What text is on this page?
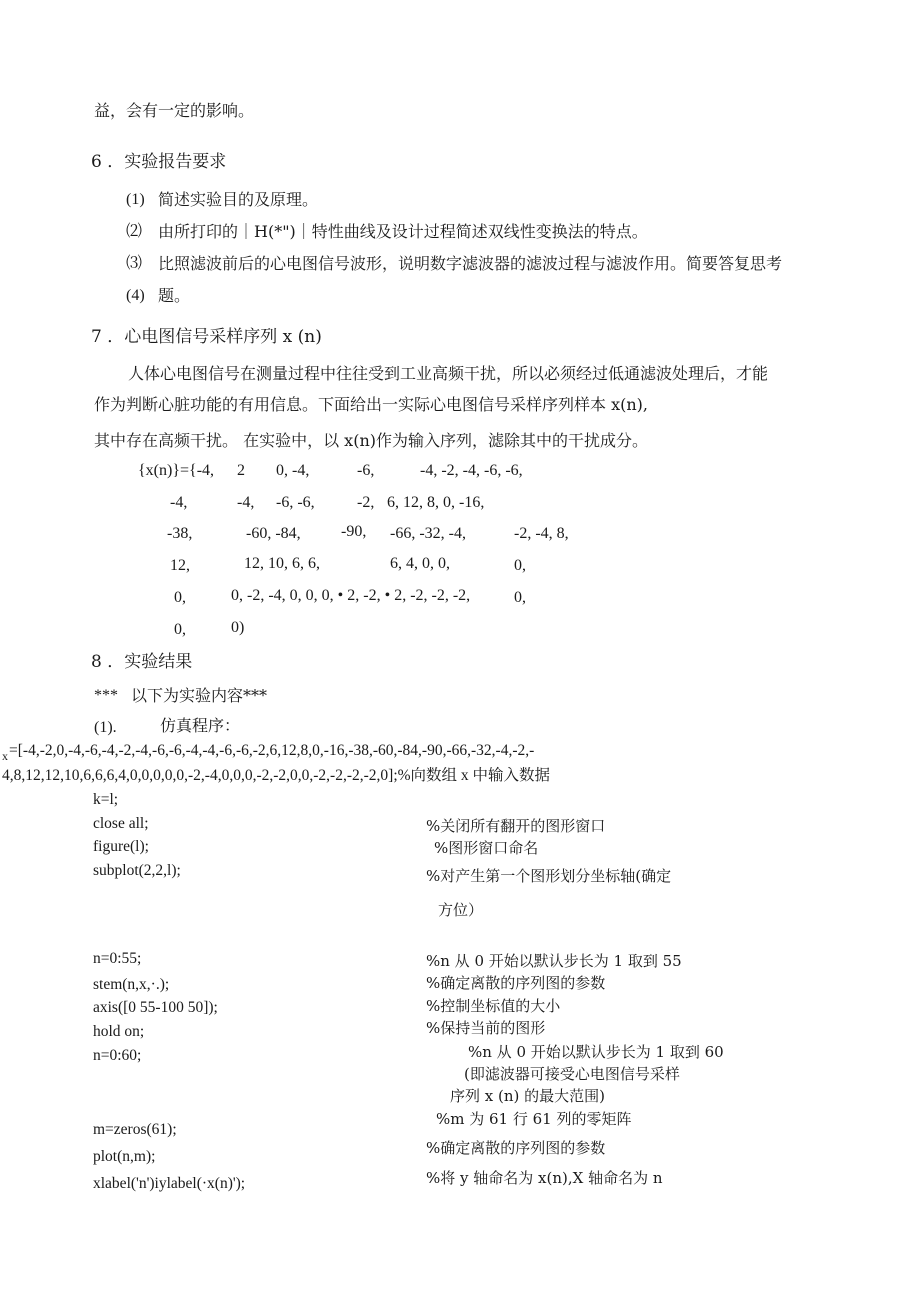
益，会有一定的影响。
6 ．实验报告要求
(1) 简述实验目的及原理。
⑵ 由所打印的｜H(*")｜特性曲线及设计过程简述双线性变换法的特点。
⑶ 比照滤波前后的心电图信号波形，说明数字滤波器的滤波过程与滤波作用。简要答复思考
(4) 题。
7 ．心电图信号采样序列 x (n)
人体心电图信号在测量过程中往往受到工业高频干扰，所以必须经过低通滤波处理后，才能
作为判断心脏功能的有用信息。下面给出一实际心电图信号采样序列样本 x(n),
其中存在高频干扰。 在实验中，以 x(n)作为输入序列，滤除其中的干扰成分。
{x(n)}={-4, 2 0, -4,	-6,	-4, -2, -4, -6, -6,
-4,	-4, -6, -6,	-2, 6, 12, 8, 0, -16,
-38,	-60, -84,	-90, -66, -32, -4,	-2, -4, 8,
12,	12, 10, 6, 6,	6, 4, 0, 0,	0,
0,	0, -2, -4, 0, 0, 0, • 2, -2, • 2, -2, -2, -2,	0,
0,	0)
8 ．实验结果
*** 以下为实验内容***
(1).	仿真程序：
x =[-4,-2,0,-4,-6,-4,-2,-4,-6,-6,-4,-4,-6,-6,-2,6,12,8,0,-16,-38,-60,-84,-90,-66,-32,-4,-2,-
4,8,12,12,10,6,6,6,4,0,0,0,0,0,-2,-4,0,0,0,-2,-2,0,0,-2,-2,-2,-2,0];%向数组 x 中输入数据
k=l;
close all;	%关闭所有翻开的图形窗口
figure(l);	%图形窗口命名
subplot(2,2,l);	%对产生第一个图形划分坐标轴(确定
方位）
n=0:55;	%n 从 0 开始以默认步长为 1 取到 55
stem(n,x,·.);	%确定离散的序列图的参数
axis([0 55-100 50]);	%控制坐标值的大小
hold on;	%保持当前的图形
n=0:60;	%n 从 0 开始以默认步长为 1 取到 60
(即滤波器可接受心电图信号采样
序列 x (n) 的最大范围)
%m 为 61 行 61 列的零矩阵
m=zeros(61);
plot(n,m);	%确定离散的序列图的参数
xlabel('n')iylabel(·x(n)');	%将 y 轴命名为 x(n),X 轴命名为 n
